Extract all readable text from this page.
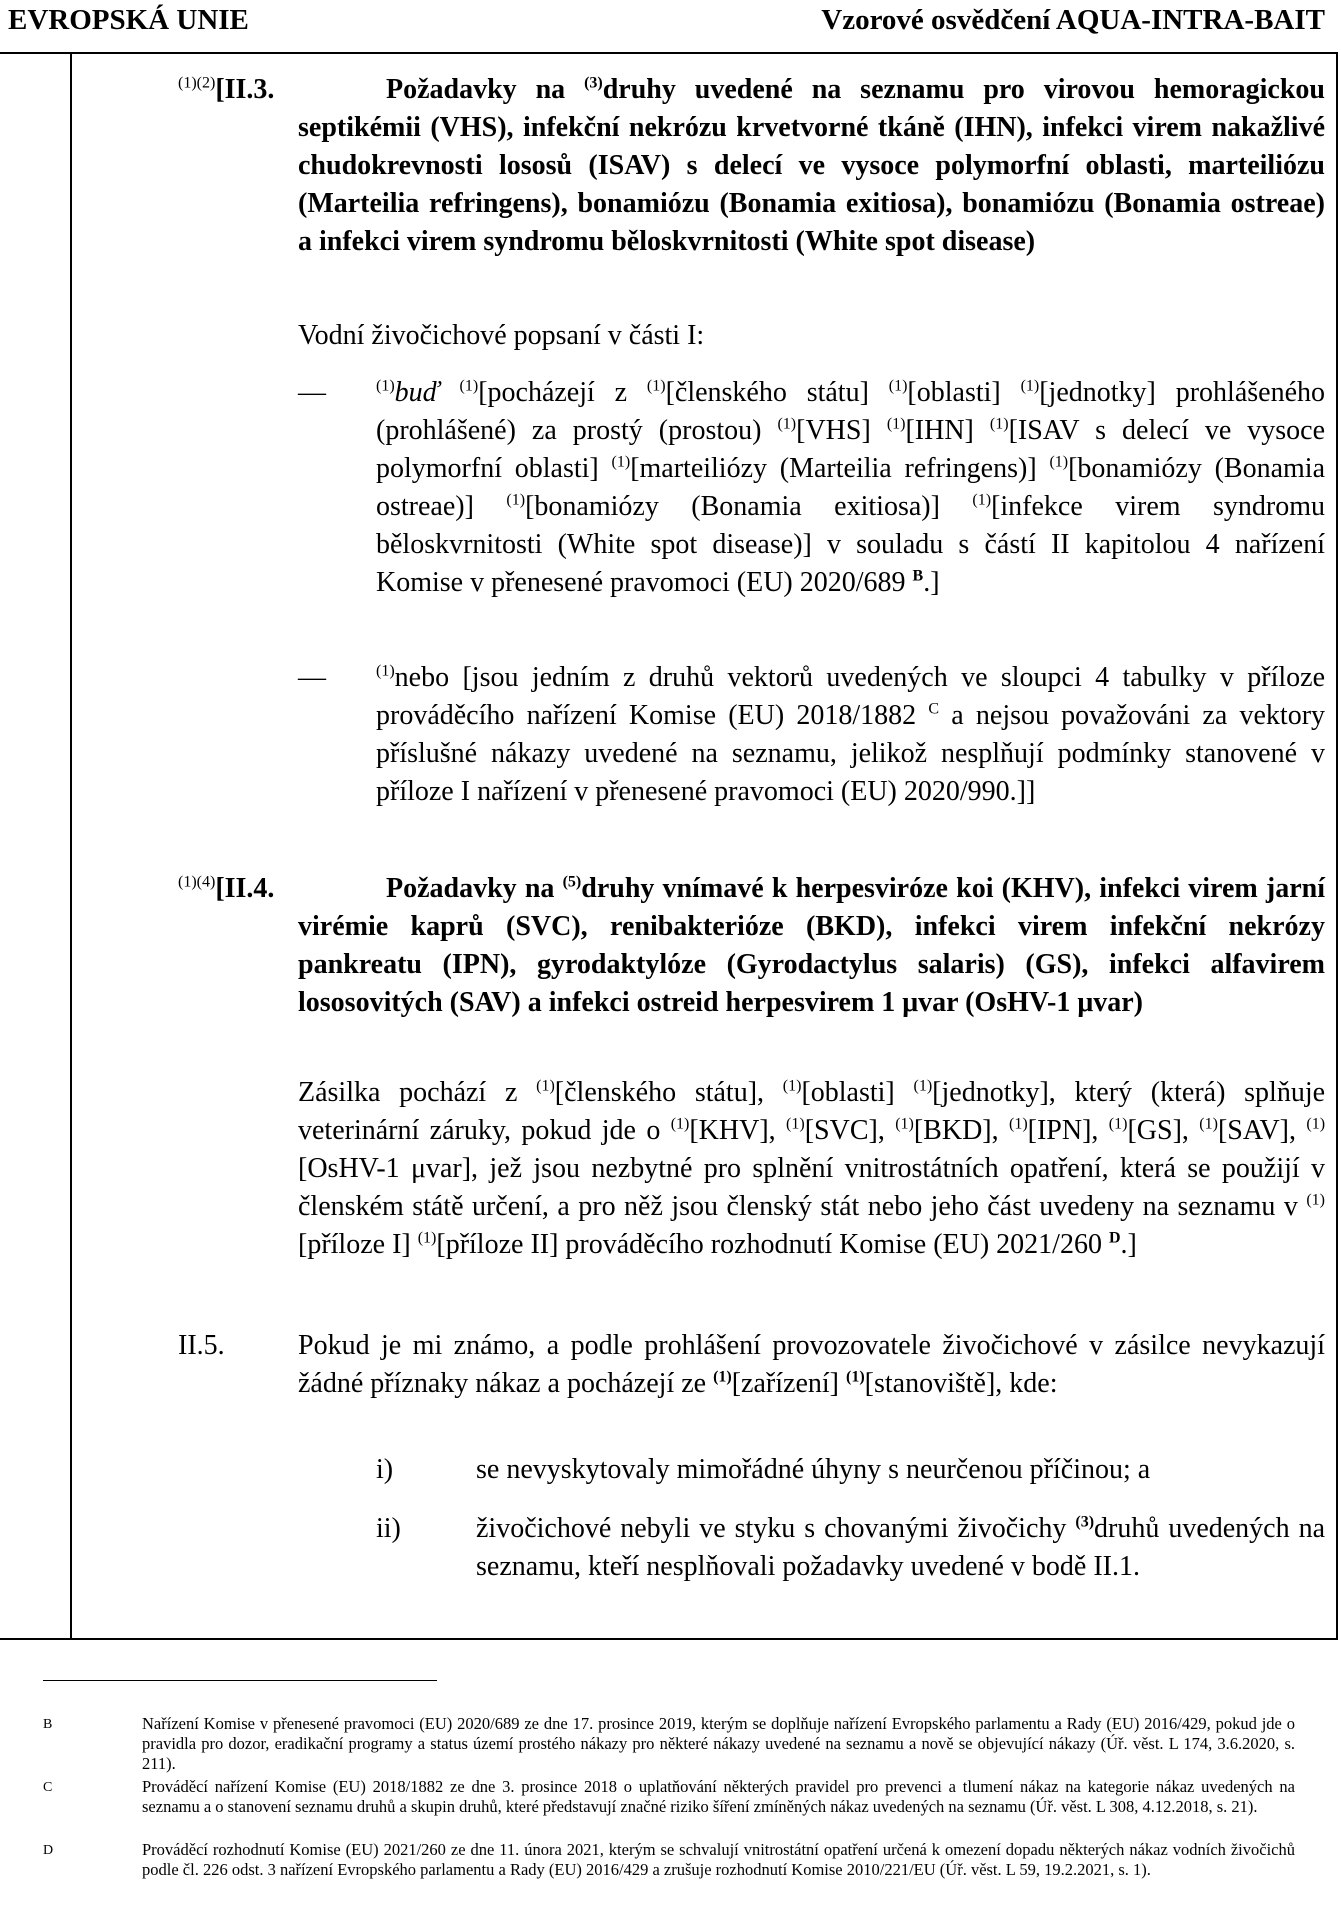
EVROPSKÁ UNIE	Vzorové osvědčení AQUA-INTRA-BAIT
$^{(1)(2)}$[II.3.	Požadavky na $^{(3)}$druhy uvedené na seznamu pro virovou hemoragickou septikémii (VHS), infekční nekrózu krvetvorné tkáně (IHN), infekci virem nakažlivé chudokrevnosti lososů (ISAV) s delecí ve vysoce polymorfní oblasti, marteiliózu (Marteilia refringens), bonamiózu (Bonamia exitiosa), bonamiózu (Bonamia ostreae) a infekci virem syndromu běloskvrnitosti (White spot disease)
Vodní živočichové popsaní v části I:
—	$^{(1)}$buď $^{(1)}$[pocházejí z $^{(1)}$[členského státu] $^{(1)}$[oblasti] $^{(1)}$[jednotky] prohlášeného (prohlášené) za prostý (prostou) $^{(1)}$[VHS] $^{(1)}$[IHN] $^{(1)}$[ISAV s delecí ve vysoce polymorfní oblasti] $^{(1)}$[marteiliózy (Marteilia refringens)] $^{(1)}$[bonamiózy (Bonamia ostreae)] $^{(1)}$[bonamiózy (Bonamia exitiosa)] $^{(1)}$[infekce virem syndromu běloskvrnitosti (White spot disease)] v souladu s částí II kapitolou 4 nařízení Komise v přenesené pravomoci (EU) 2020/689 $^B$.]
—	$^{(1)}$nebo [jsou jedním z druhů vektorů uvedených ve sloupci 4 tabulky v příloze prováděcího nařízení Komise (EU) 2018/1882 $^C$ a nejsou považováni za vektory příslušné nákazy uvedené na seznamu, jelikož nesplňují podmínky stanovené v příloze I nařízení v přenesené pravomoci (EU) 2020/990.]]
$^{(1)(4)}$[II.4.	Požadavky na $^{(5)}$druhy vnímavé k herpesviróze koi (KHV), infekci virem jarní virémie kaprů (SVC), renibakterióze (BKD), infekci virem infekční nekrózy pankreatu (IPN), gyrodaktylóze (Gyrodactylus salaris) (GS), infekci alfavirem lososovitých (SAV) a infekci ostreid herpesvirem 1 μvar (OsHV-1 μvar)
Zásilka pochází z $^{(1)}$[členského státu], $^{(1)}$[oblasti] $^{(1)}$[jednotky], který (která) splňuje veterinární záruky, pokud jde o $^{(1)}$[KHV], $^{(1)}$[SVC], $^{(1)}$[BKD], $^{(1)}$[IPN], $^{(1)}$[GS], $^{(1)}$[SAV], $^{(1)}$[OsHV-1 μvar], jež jsou nezbytné pro splnění vnitrostátních opatření, která se použijí v členském státě určení, a pro něž jsou členský stát nebo jeho část uvedeny na seznamu v $^{(1)}$[příloze I] $^{(1)}$[příloze II] prováděcího rozhodnutí Komise (EU) 2021/260 $^D$.]
II.5.	Pokud je mi známo, a podle prohlášení provozovatele živočichové v zásilce nevykazují žádné příznaky nákaz a pocházejí ze $^{(1)}$[zařízení] $^{(1)}$[stanoviště], kde:
i)	se nevyskytovaly mimořádné úhyny s neurčenou příčinou; a
ii)	živočichové nebyli ve styku s chovanými živočichy $^{(3)}$druhů uvedených na seznamu, kteří nesplňovali požadavky uvedené v bodě II.1.
B	Nařízení Komise v přenesené pravomoci (EU) 2020/689 ze dne 17. prosince 2019, kterým se doplňuje nařízení Evropského parlamentu a Rady (EU) 2016/429, pokud jde o pravidla pro dozor, eradikační programy a status území prostého nákazy pro některé nákazy uvedené na seznamu a nově se objevující nákazy (Úř. věst. L 174, 3.6.2020, s. 211).
C	Prováděcí nařízení Komise (EU) 2018/1882 ze dne 3. prosince 2018 o uplatňování některých pravidel pro prevenci a tlumení nákaz na kategorie nákaz uvedených na seznamu a o stanovení seznamu druhů a skupin druhů, které představují značné riziko šíření zmíněných nákaz uvedených na seznamu (Úř. věst. L 308, 4.12.2018, s. 21).
D	Prováděcí rozhodnutí Komise (EU) 2021/260 ze dne 11. února 2021, kterým se schvalují vnitrostátní opatření určená k omezení dopadu některých nákaz vodních živočichů podle čl. 226 odst. 3 nařízení Evropského parlamentu a Rady (EU) 2016/429 a zrušuje rozhodnutí Komise 2010/221/EU (Úř. věst. L 59, 19.2.2021, s. 1).
